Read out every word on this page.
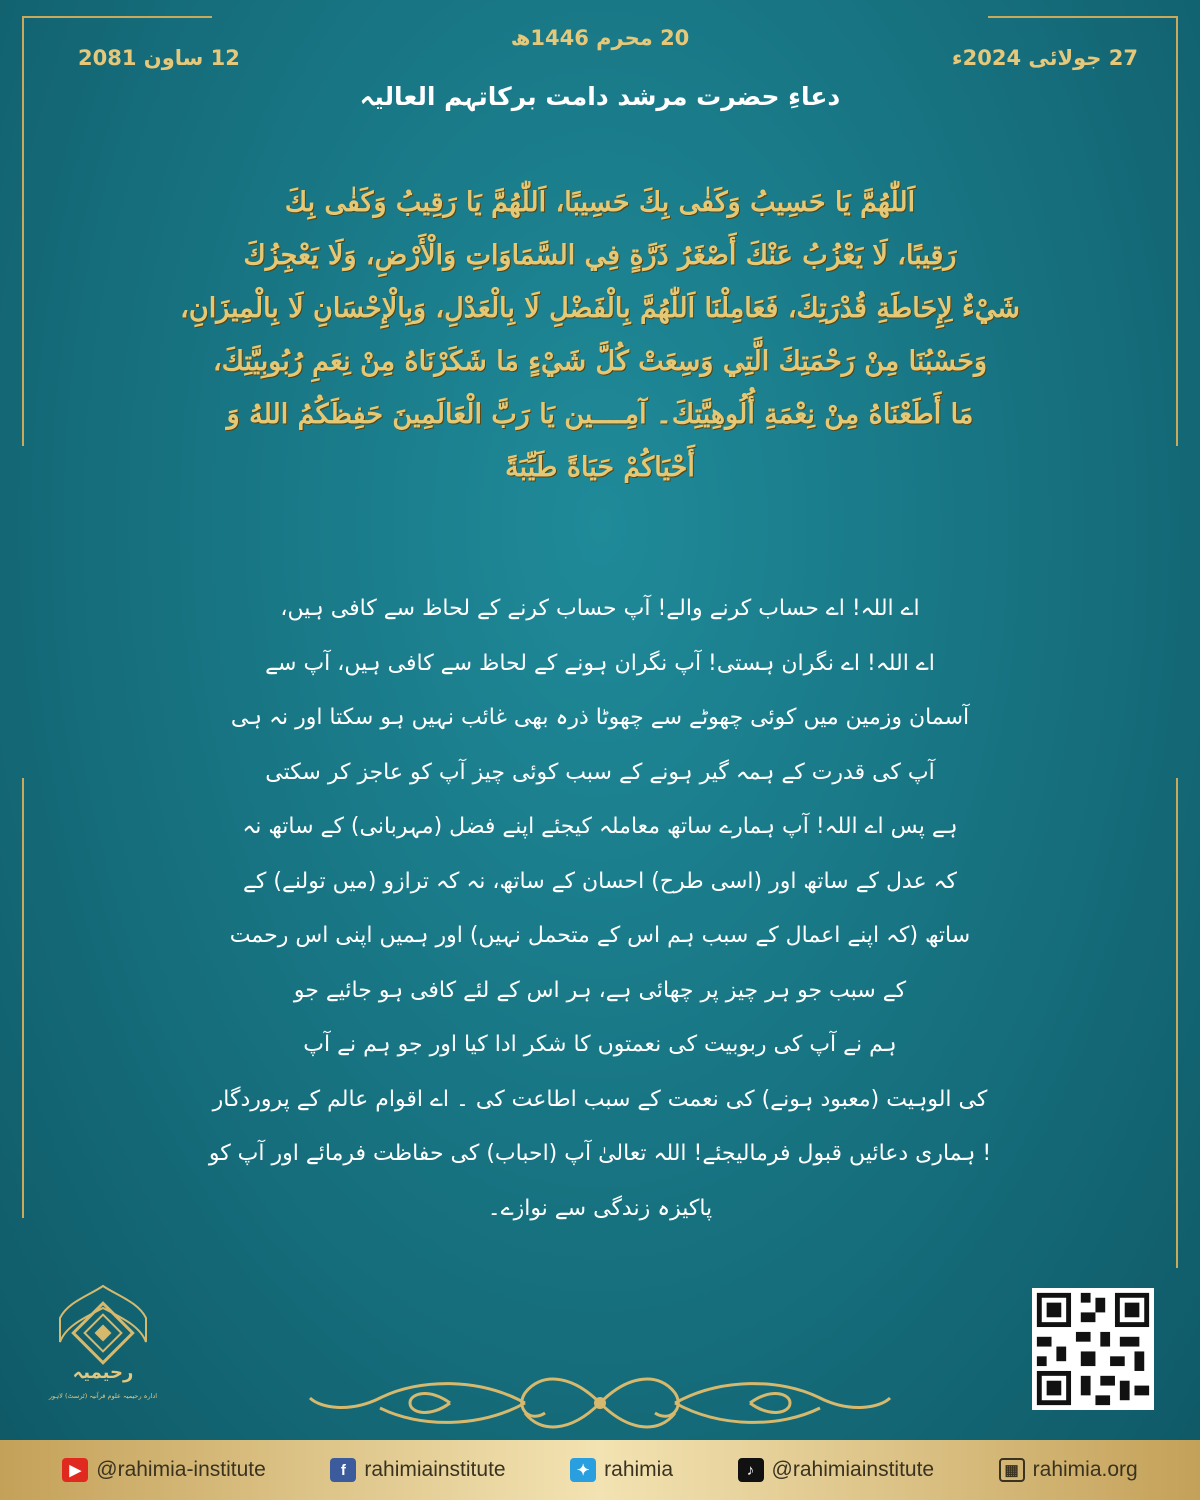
20 محرم 1446ھ
27 جولائی 2024ء
12 ساون 2081
دعاءِ حضرت مرشد دامت برکاتہم العالیہ
اَللّٰهُمَّ يَا حَسِيبُ وَكَفٰى بِكَ حَسِيبًا، اَللّٰهُمَّ يَا رَقِيبُ وَكَفٰى بِكَ
رَقِيبًا، لَا يَعْزُبُ عَنْكَ أَصْغَرُ ذَرَّةٍ فِي السَّمَاوَاتِ وَالْأَرْضِ، وَلَا يَعْجِزُكَ
شَيْءٌ لِإِحَاطَةِ قُدْرَتِكَ، فَعَامِلْنَا اَللّٰهُمَّ بِالْفَضْلِ لَا بِالْعَدْلِ، وَبِالْإِحْسَانِ لَا بِالْمِيزَانِ،
وَحَسْبُنَا مِنْ رَحْمَتِكَ الَّتِي وَسِعَتْ كُلَّ شَيْءٍ مَا شَكَرْنَاهُ مِنْ نِعَمِ رُبُوبِيَّتِكَ،
مَا أَطَعْنَاهُ مِنْ نِعْمَةِ أُلُوهِيَّتِكَ۔ آمِــــين يَا رَبَّ الْعَالَمِينَ حَفِظَكُمُ اللهُ وَ
أَحْيَاكُمْ حَيَاةً طَيِّبَةً
اے اللہ! اے حساب کرنے والے! آپ حساب کرنے کے لحاظ سے کافی ہیں،
اے اللہ! اے نگران ہستی! آپ نگران ہونے کے لحاظ سے کافی ہیں، آپ سے
آسمان وزمین میں کوئی چھوٹے سے چھوٹا ذرہ بھی غائب نہیں ہو سکتا اور نہ ہی
آپ کی قدرت کے ہمہ گیر ہونے کے سبب کوئی چیز آپ کو عاجز کر سکتی
ہے پس اے اللہ! آپ ہمارے ساتھ معاملہ کیجئے اپنے فضل (مہربانی) کے ساتھ نہ
کہ عدل کے ساتھ اور (اسی طرح) احسان کے ساتھ، نہ کہ ترازو (میں تولنے) کے
ساتھ (کہ اپنے اعمال کے سبب ہم اس کے متحمل نہیں) اور ہمیں اپنی اس رحمت
کے سبب جو ہر چیز پر چھائی ہے، ہر اس کے لئے کافی ہو جائیے جو
ہم نے آپ کی ربوبیت کی نعمتوں کا شکر ادا کیا اور جو ہم نے آپ
کی الوہیت (معبود ہونے) کی نعمت کے سبب اطاعت کی ۔ اے اقوام عالم کے پروردگار
! ہماری دعائیں قبول فرمالیجئے! اللہ تعالیٰ آپ (احباب) کی حفاظت فرمائے اور آپ کو
پاکیزہ زندگی سے نوازے۔
رحیمیہ
ادارہ رحیمیہ علوم قرآنیہ (ٹرسٹ) لاہور
▶ @rahimia-institute	f rahimiainstitute	✦ rahimia	♪ @rahimiainstitute	▦ rahimia.org
